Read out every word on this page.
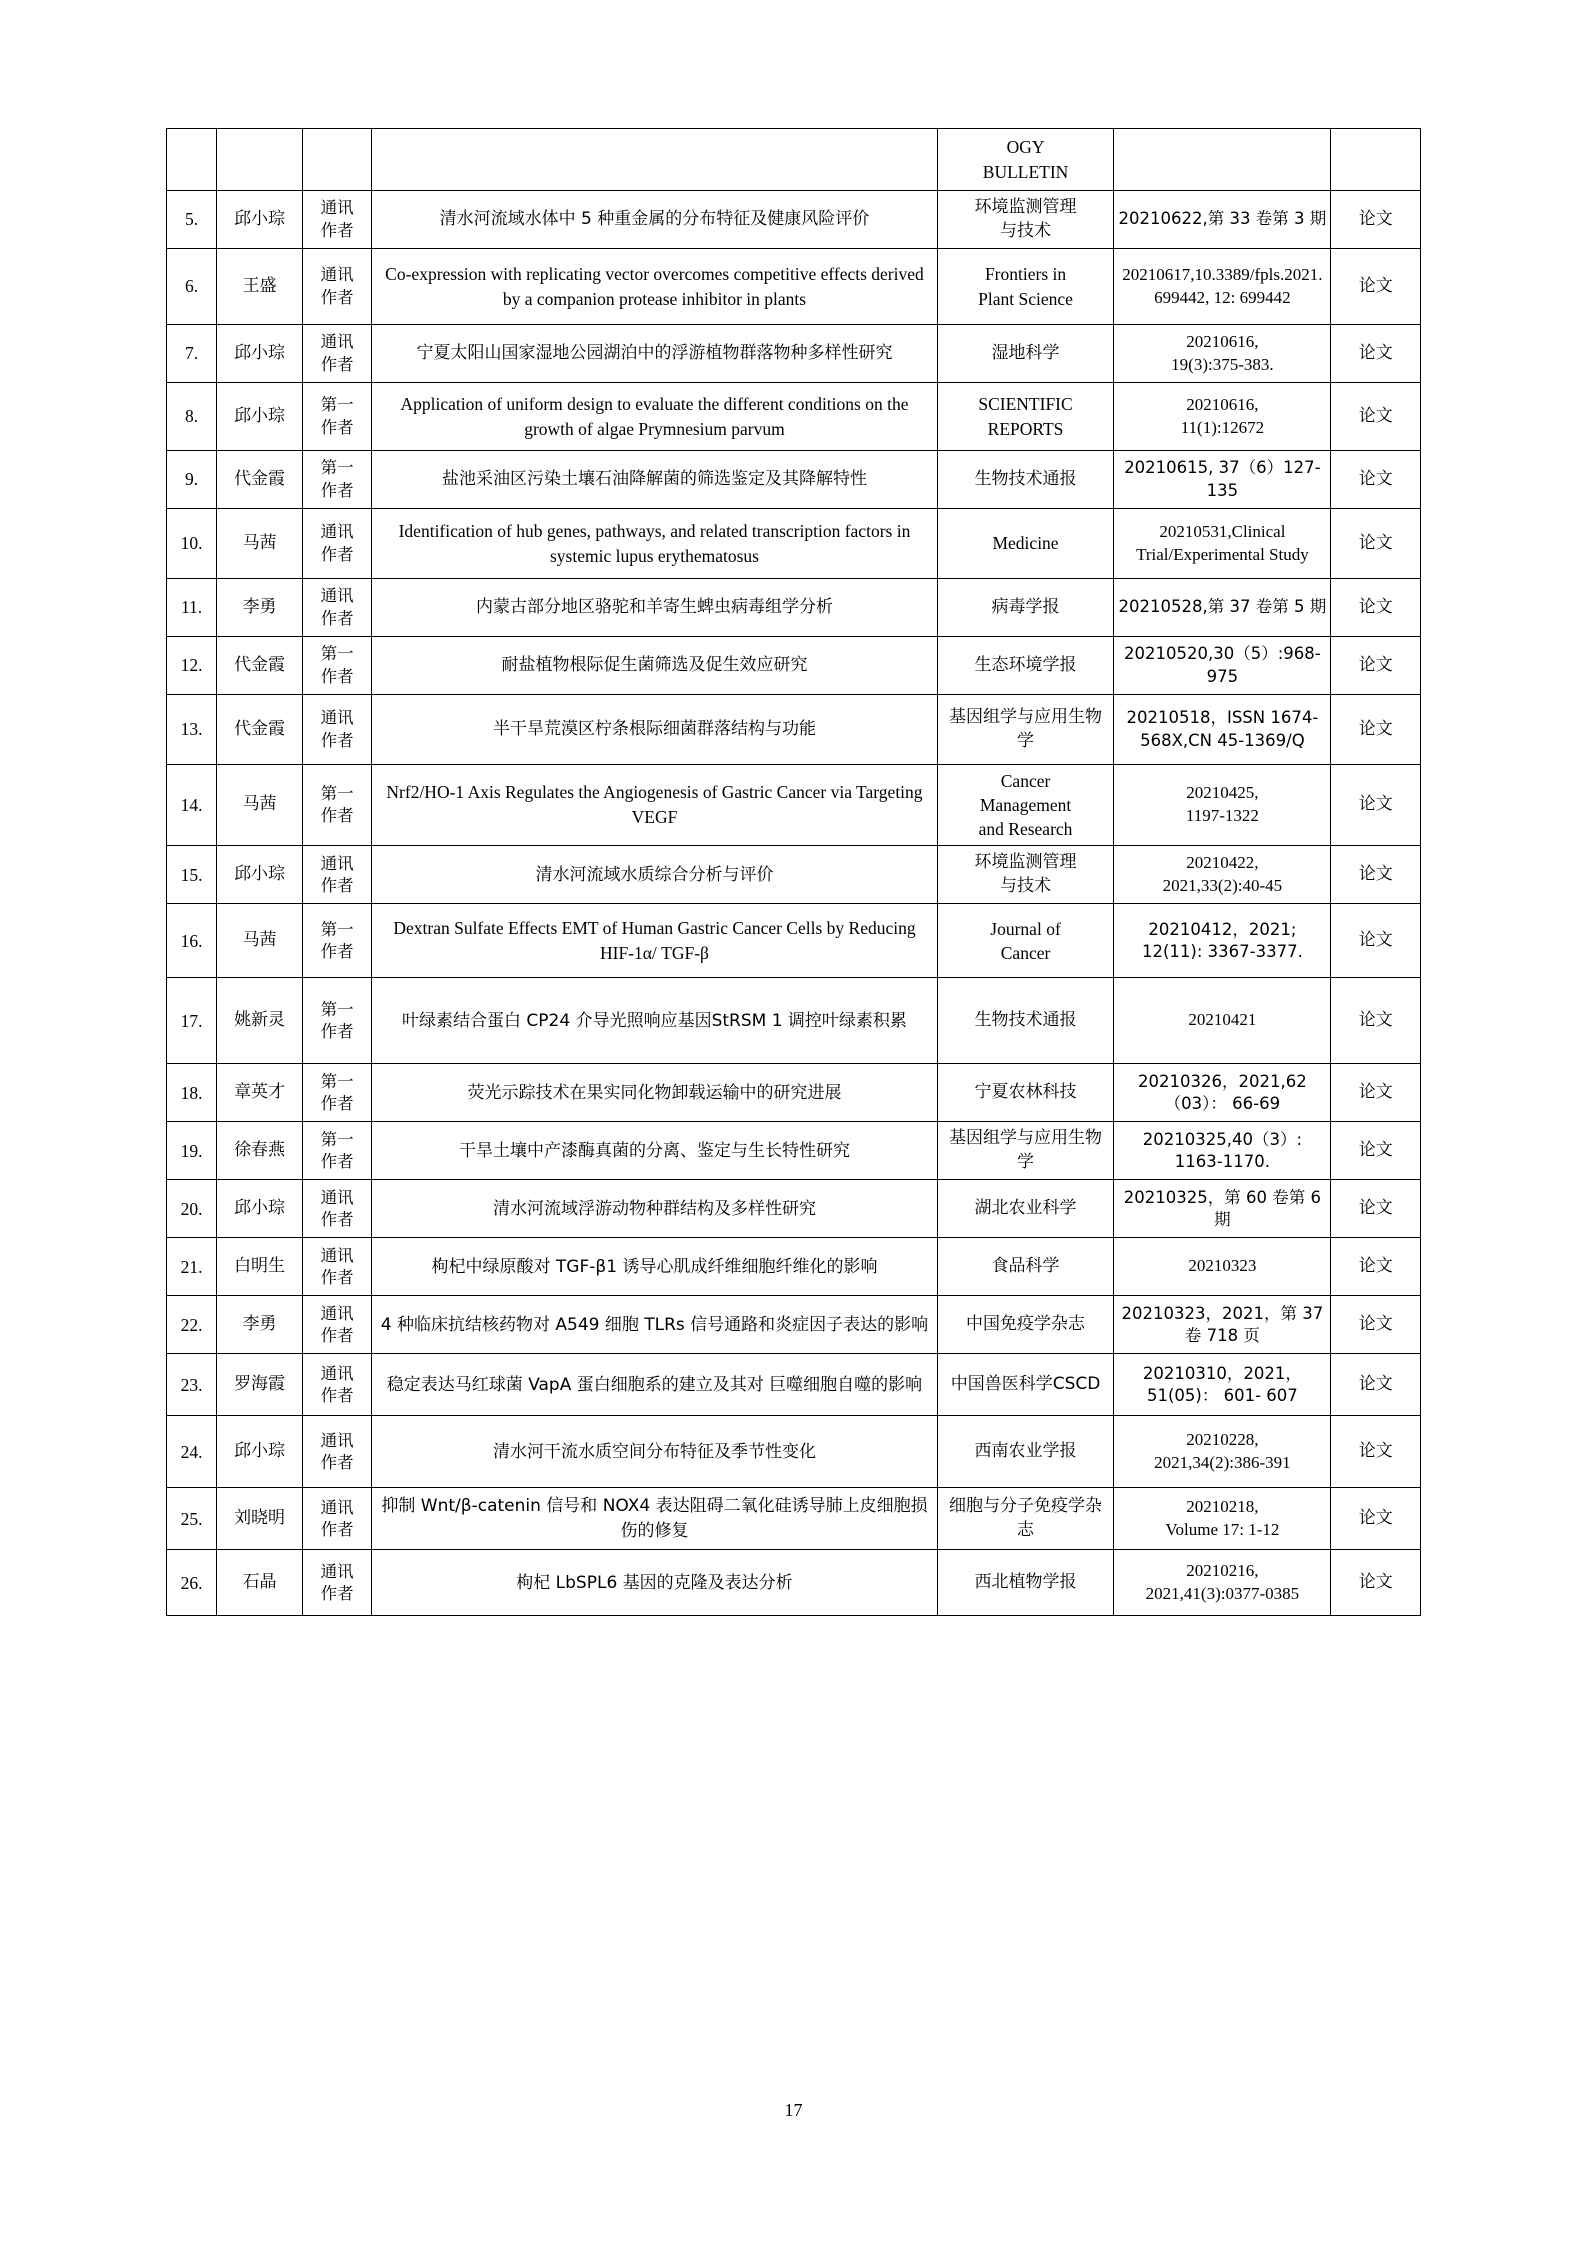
				OGY
BULLETIN		

5.	邱小琮	通讯
作者	清水河流域水体中 5 种重金属的分布特征及健康风险评价	环境监测管理
与技术	20210622,第 33 卷第 3 期	论文

6.	王盛	通讯
作者	Co-expression with replicating vector overcomes competitive effects derived by a companion protease inhibitor in plants	Frontiers in
Plant Science	20210617,10.3389/fpls.2021.699442, 12: 699442	论文

7.	邱小琮	通讯
作者	宁夏太阳山国家湿地公园湖泊中的浮游植物群落物种多样性研究	湿地科学	20210616,
19(3):375-383.	论文

8.	邱小琮	第一
作者	Application of uniform design to evaluate the different conditions on the growth of algae Prymnesium parvum	SCIENTIFIC
REPORTS	20210616,
11(1):12672	论文

9.	代金霞	第一
作者	盐池采油区污染土壤石油降解菌的筛选鉴定及其降解特性	生物技术通报	20210615, 37（6）127-135	论文

10.	马茜	通讯
作者	Identification of hub genes, pathways, and related transcription factors in systemic lupus erythematosus	Medicine	20210531,Clinical Trial/Experimental Study	论文

11.	李勇	通讯
作者	内蒙古部分地区骆驼和羊寄生蜱虫病毒组学分析	病毒学报	20210528,第 37 卷第 5 期	论文

12.	代金霞	第一
作者	耐盐植物根际促生菌筛选及促生效应研究	生态环境学报	20210520,30（5）:968-975	论文

13.	代金霞	通讯
作者	半干旱荒漠区柠条根际细菌群落结构与功能	基因组学与应用生物学	20210518，ISSN 1674-568X,CN 45-1369/Q	论文

14.	马茜	第一
作者	Nrf2/HO-1 Axis Regulates the Angiogenesis of Gastric Cancer via Targeting VEGF	Cancer
Management
and Research	20210425,
1197-1322	论文

15.	邱小琮	通讯
作者	清水河流域水质综合分析与评价	环境监测管理
与技术	20210422,
2021,33(2):40-45	论文

16.	马茜	第一
作者	Dextran Sulfate Effects EMT of Human Gastric Cancer Cells by Reducing HIF-1α/ TGF-β	Journal of
Cancer	20210412，2021; 12(11): 3367-3377.	论文

17.	姚新灵	第一
作者	叶绿素结合蛋白 CP24 介导光照响应基因StRSM 1 调控叶绿素积累	生物技术通报	20210421	论文

18.	章英才	第一
作者	荧光示踪技术在果实同化物卸载运输中的研究进展	宁夏农林科技	20210326，2021,62（03）： 66-69	论文

19.	徐春燕	第一
作者	干旱土壤中产漆酶真菌的分离、鉴定与生长特性研究	基因组学与应用生物学	20210325,40（3）: 1163-1170.	论文

20.	邱小琮	通讯
作者	清水河流域浮游动物种群结构及多样性研究	湖北农业科学	20210325，第 60 卷第 6 期	论文

21.	白明生	通讯
作者	枸杞中绿原酸对 TGF-β1 诱导心肌成纤维细胞纤维化的影响	食品科学	20210323	论文

22.	李勇	通讯
作者	4 种临床抗结核药物对 A549 细胞 TLRs 信号通路和炎症因子表达的影响	中国免疫学杂志	20210323，2021，第 37 卷 718 页	论文

23.	罗海霞	通讯
作者	稳定表达马红球菌 VapA 蛋白细胞系的建立及其对 巨噬细胞自噬的影响	中国兽医科学CSCD	20210310，2021，51(05)： 601- 607	论文

24.	邱小琮	通讯
作者	清水河干流水质空间分布特征及季节性变化	西南农业学报	20210228,
2021,34(2):386-391	论文

25.	刘晓明	通讯
作者	抑制 Wnt/β-catenin 信号和 NOX4 表达阻碍二氧化硅诱导肺上皮细胞损伤的修复	细胞与分子免疫学杂志	20210218,
Volume 17: 1-12	论文

26.	石晶	通讯
作者	枸杞 LbSPL6 基因的克隆及表达分析	西北植物学报	20210216,
2021,41(3):0377-0385	论文
17
